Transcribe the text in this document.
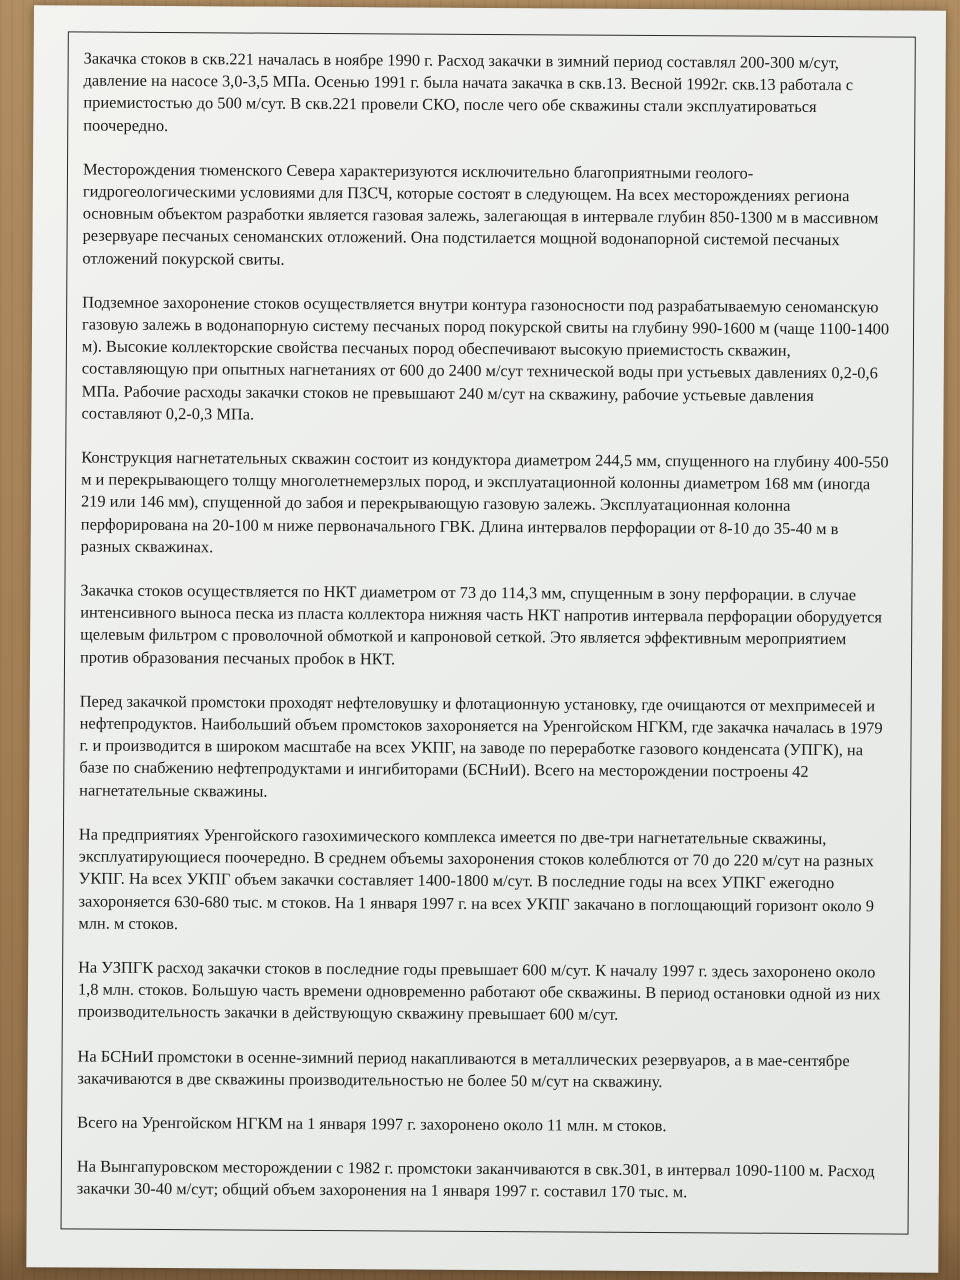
Закачка стоков в скв.221 началась в ноябре 1990 г. Расход закачки в зимний период составлял 200-300 м/сут, давление на насосе 3,0-3,5 МПа. Осенью 1991 г. была начата закачка в скв.13. Весной 1992г. скв.13 работала с приемистостью до 500 м/сут. В скв.221 провели СКО, после чего обе скважины стали эксплуатироваться поочередно.

Месторождения тюменского Севера характеризуются исключительно благоприятными геолого-гидрогеологическими условиями для ПЗСЧ, которые состоят в следующем. На всех месторождениях региона основным объектом разработки является газовая залежь, залегающая в интервале глубин 850-1300 м в массивном резервуаре песчаных сеноманских отложений. Она подстилается мощной водонапорной системой песчаных отложений покурской свиты.

Подземное захоронение стоков осуществляется внутри контура газоносности под разрабатываемую сеноманскую газовую залежь в водонапорную систему песчаных пород покурской свиты на глубину 990-1600 м (чаще 1100-1400 м). Высокие коллекторские свойства песчаных пород обеспечивают высокую приемистость скважин, составляющую при опытных нагнетаниях от 600 до 2400 м/сут технической воды при устьевых давлениях 0,2-0,6 МПа. Рабочие расходы закачки стоков не превышают 240 м/сут на скважину, рабочие устьевые давления составляют 0,2-0,3 МПа.

Конструкция нагнетательных скважин состоит из кондуктора диаметром 244,5 мм, спущенного на глубину 400-550 м и перекрывающего толщу многолетнемерзлых пород, и эксплуатационной колонны диаметром 168 мм (иногда 219 или 146 мм), спущенной до забоя и перекрывающую газовую залежь. Эксплуатационная колонна перфорирована на 20-100 м ниже первоначального ГВК. Длина интервалов перфорации от 8-10 до 35-40 м в разных скважинах.

Закачка стоков осуществляется по НКТ диаметром от 73 до 114,3 мм, спущенным в зону перфорации. в случае интенсивного выноса песка из пласта коллектора нижняя часть НКТ напротив интервала перфорации оборудуется щелевым фильтром с проволочной обмоткой и капроновой сеткой. Это является эффективным мероприятием против образования песчаных пробок в НКТ.

Перед закачкой промстоки проходят нефтеловушку и флотационную установку, где очищаются от мехпримесей и нефтепродуктов. Наибольший объем промстоков захороняется на Уренгойском НГКМ, где закачка началась в 1979 г. и производится в широком масштабе на всех УКПГ, на заводе по переработке газового конденсата (УПГК), на базе по снабжению нефтепродуктами и ингибиторами (БСНиИ). Всего на месторождении построены 42 нагнетательные скважины.

На предприятиях Уренгойского газохимического комплекса имеется по две-три нагнетательные скважины, эксплуатирующиеся поочередно. В среднем объемы захоронения стоков колеблются от 70 до 220 м/сут на разных УКПГ. На всех УКПГ объем закачки составляет 1400-1800 м/сут. В последние годы на всех УПКГ ежегодно захороняется 630-680 тыс. м стоков. На 1 января 1997 г. на всех УКПГ закачано в поглощающий горизонт около 9 млн. м стоков.

На УЗПГК расход закачки стоков в последние годы превышает 600 м/сут. К началу 1997 г. здесь захоронено около 1,8 млн. стоков. Большую часть времени одновременно работают обе скважины. В период остановки одной из них производительность закачки в действующую скважину превышает 600 м/сут.

На БСНиИ промстоки в осенне-зимний период накапливаются в металлических резервуаров, а в мае-сентябре закачиваются в две скважины производительностью не более 50 м/сут на скважину.

Всего на Уренгойском НГКМ на 1 января 1997 г. захоронено около 11 млн. м стоков.

На Вынгапуровском месторождении с 1982 г. промстоки заканчиваются в свк.301, в интервал 1090-1100 м. Расход закачки 30-40 м/сут; общий объем захоронения на 1 января 1997 г. составил 170 тыс. м.
